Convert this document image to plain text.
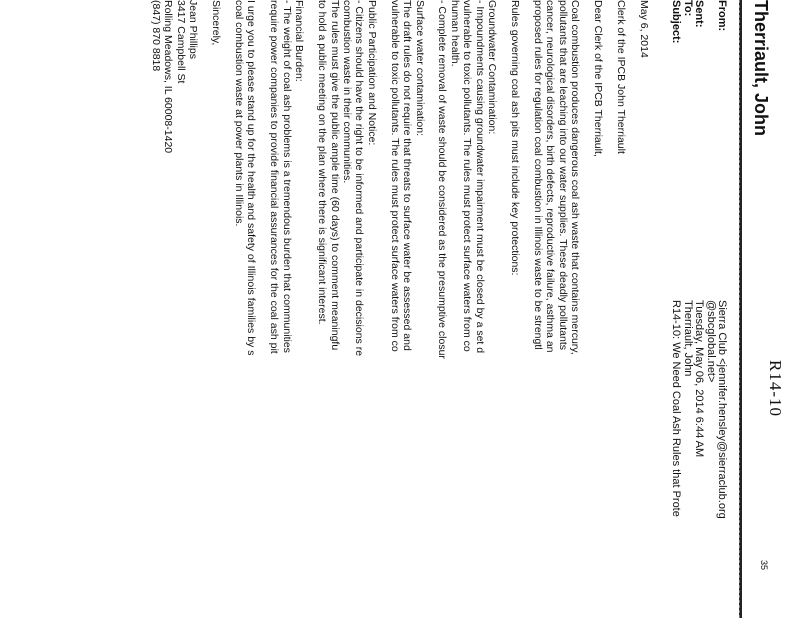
R14-10
Therriault, John
From:
Sierra Club <jennifer.hensley@sierraclub.org
@sbcglobal.net>
Sent:
Tuesday, May 06, 2014 6:44 AM
To:
Therriault, John
Subject:
R14-10: We Need Coal Ash Rules that Prote
May 6, 2014
Clerk of the IPCB John Therriault
Dear Clerk of the IPCB Therriault,
Coal combustion produces dangerous coal ash waste that contains mercury,
pollutants that are leaching into our water supplies. These deadly pollutants
cancer, neurological disorders, birth defects, reproductive failure, asthma an
proposed rules for regulation coal combustion in Illinois waste to be strengtl
Rules governing coal ash pits must include key protections:
Groundwater Contamination:
- Impoundments causing groundwater impairment must be closed by a set d
vulnerable to toxic pollutants. The rules must protect surface waters from co
human health.
- Complete removal of waste should be considered as the presumptive closur
Surface water contamination:
The draft rules do not require that threats to surface water be assessed and
vulnerable to toxic pollutants. The rules must protect surface waters from co
Public Participation and Notice:
- Citizens should have the right to be informed and participate in decisions re
combustion waste in their communities.
The rules must give the public ample time (60 days) to comment meaningfu
to hold a public meeting on the plan where there is significant interest.
Financial Burden:
- The weight of coal ash problems is a tremendous burden that communities
require power companies to provide financial assurances for the coal ash pit
I urge you to please stand up for the health and safety of Illinois families by s
coal combustion waste at power plants in Illinois.
Sincerely,
Jean Phillips
3417 Campbell St
Rolling Meadows, IL 60008-1420
(847) 870 8818
35
